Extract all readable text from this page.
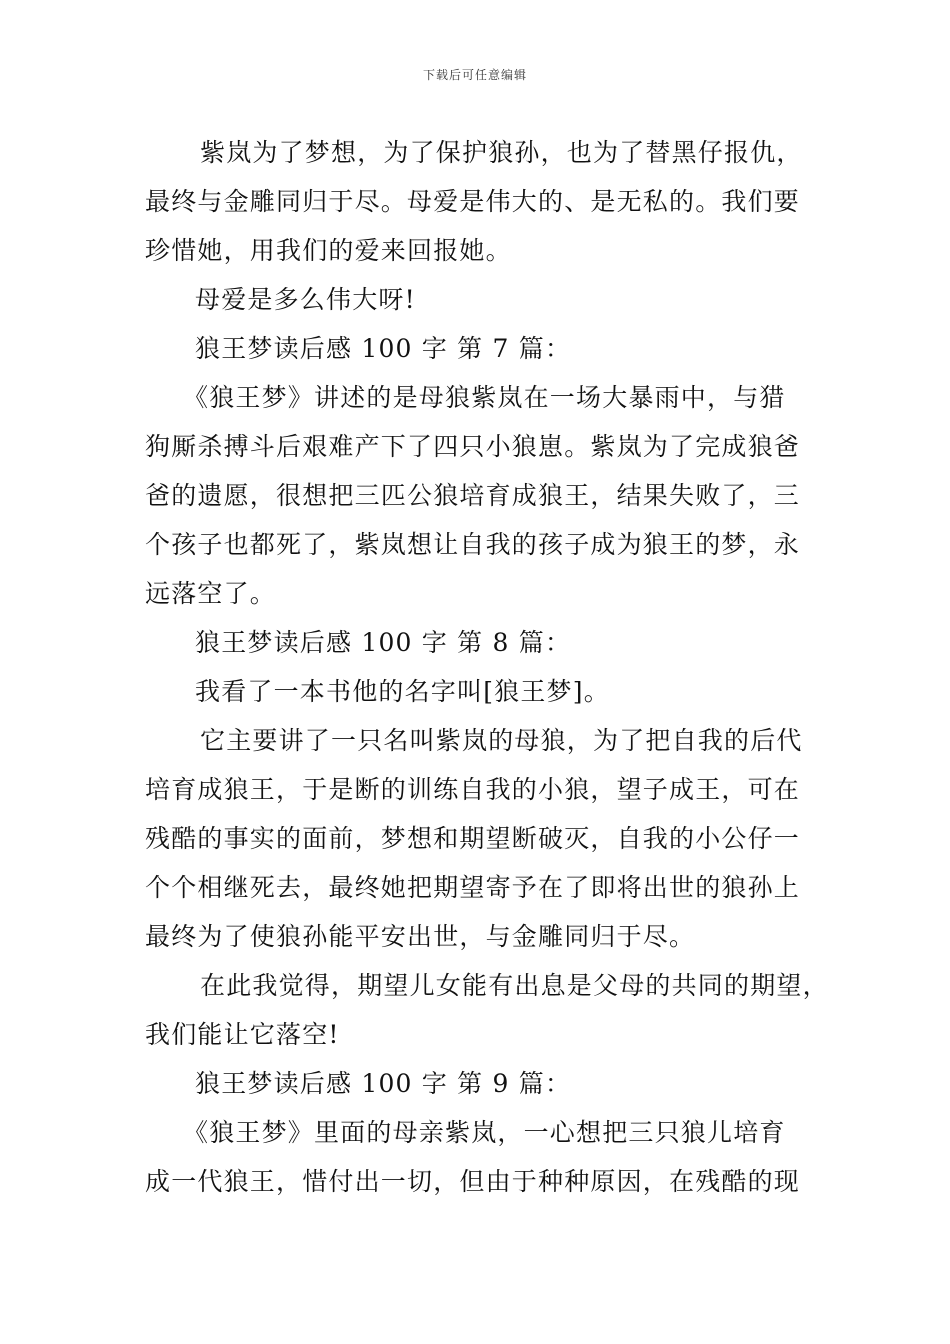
下载后可任意编辑
紫岚为了梦想，为了保护狼孙，也为了替黑仔报仇，
最终与金雕同归于尽。母爱是伟大的、是无私的。我们要
珍惜她，用我们的爱来回报她。
母爱是多么伟大呀!
狼王梦读后感 100 字 第 7 篇：
《狼王梦》讲述的是母狼紫岚在一场大暴雨中，与猎
狗厮杀搏斗后艰难产下了四只小狼崽。紫岚为了完成狼爸
爸的遗愿，很想把三匹公狼培育成狼王，结果失败了，三
个孩子也都死了，紫岚想让自我的孩子成为狼王的梦，永
远落空了。
狼王梦读后感 100 字 第 8 篇：
我看了一本书他的名字叫[狼王梦]。
它主要讲了一只名叫紫岚的母狼，为了把自我的后代
培育成狼王，于是断的训练自我的小狼，望子成王，可在
残酷的事实的面前，梦想和期望断破灭，自我的小公仔一
个个相继死去，最终她把期望寄予在了即将出世的狼孙上
最终为了使狼孙能平安出世，与金雕同归于尽。
在此我觉得，期望儿女能有出息是父母的共同的期望，
我们能让它落空!
狼王梦读后感 100 字 第 9 篇：
《狼王梦》里面的母亲紫岚，一心想把三只狼儿培育
成一代狼王，惜付出一切，但由于种种原因，在残酷的现
